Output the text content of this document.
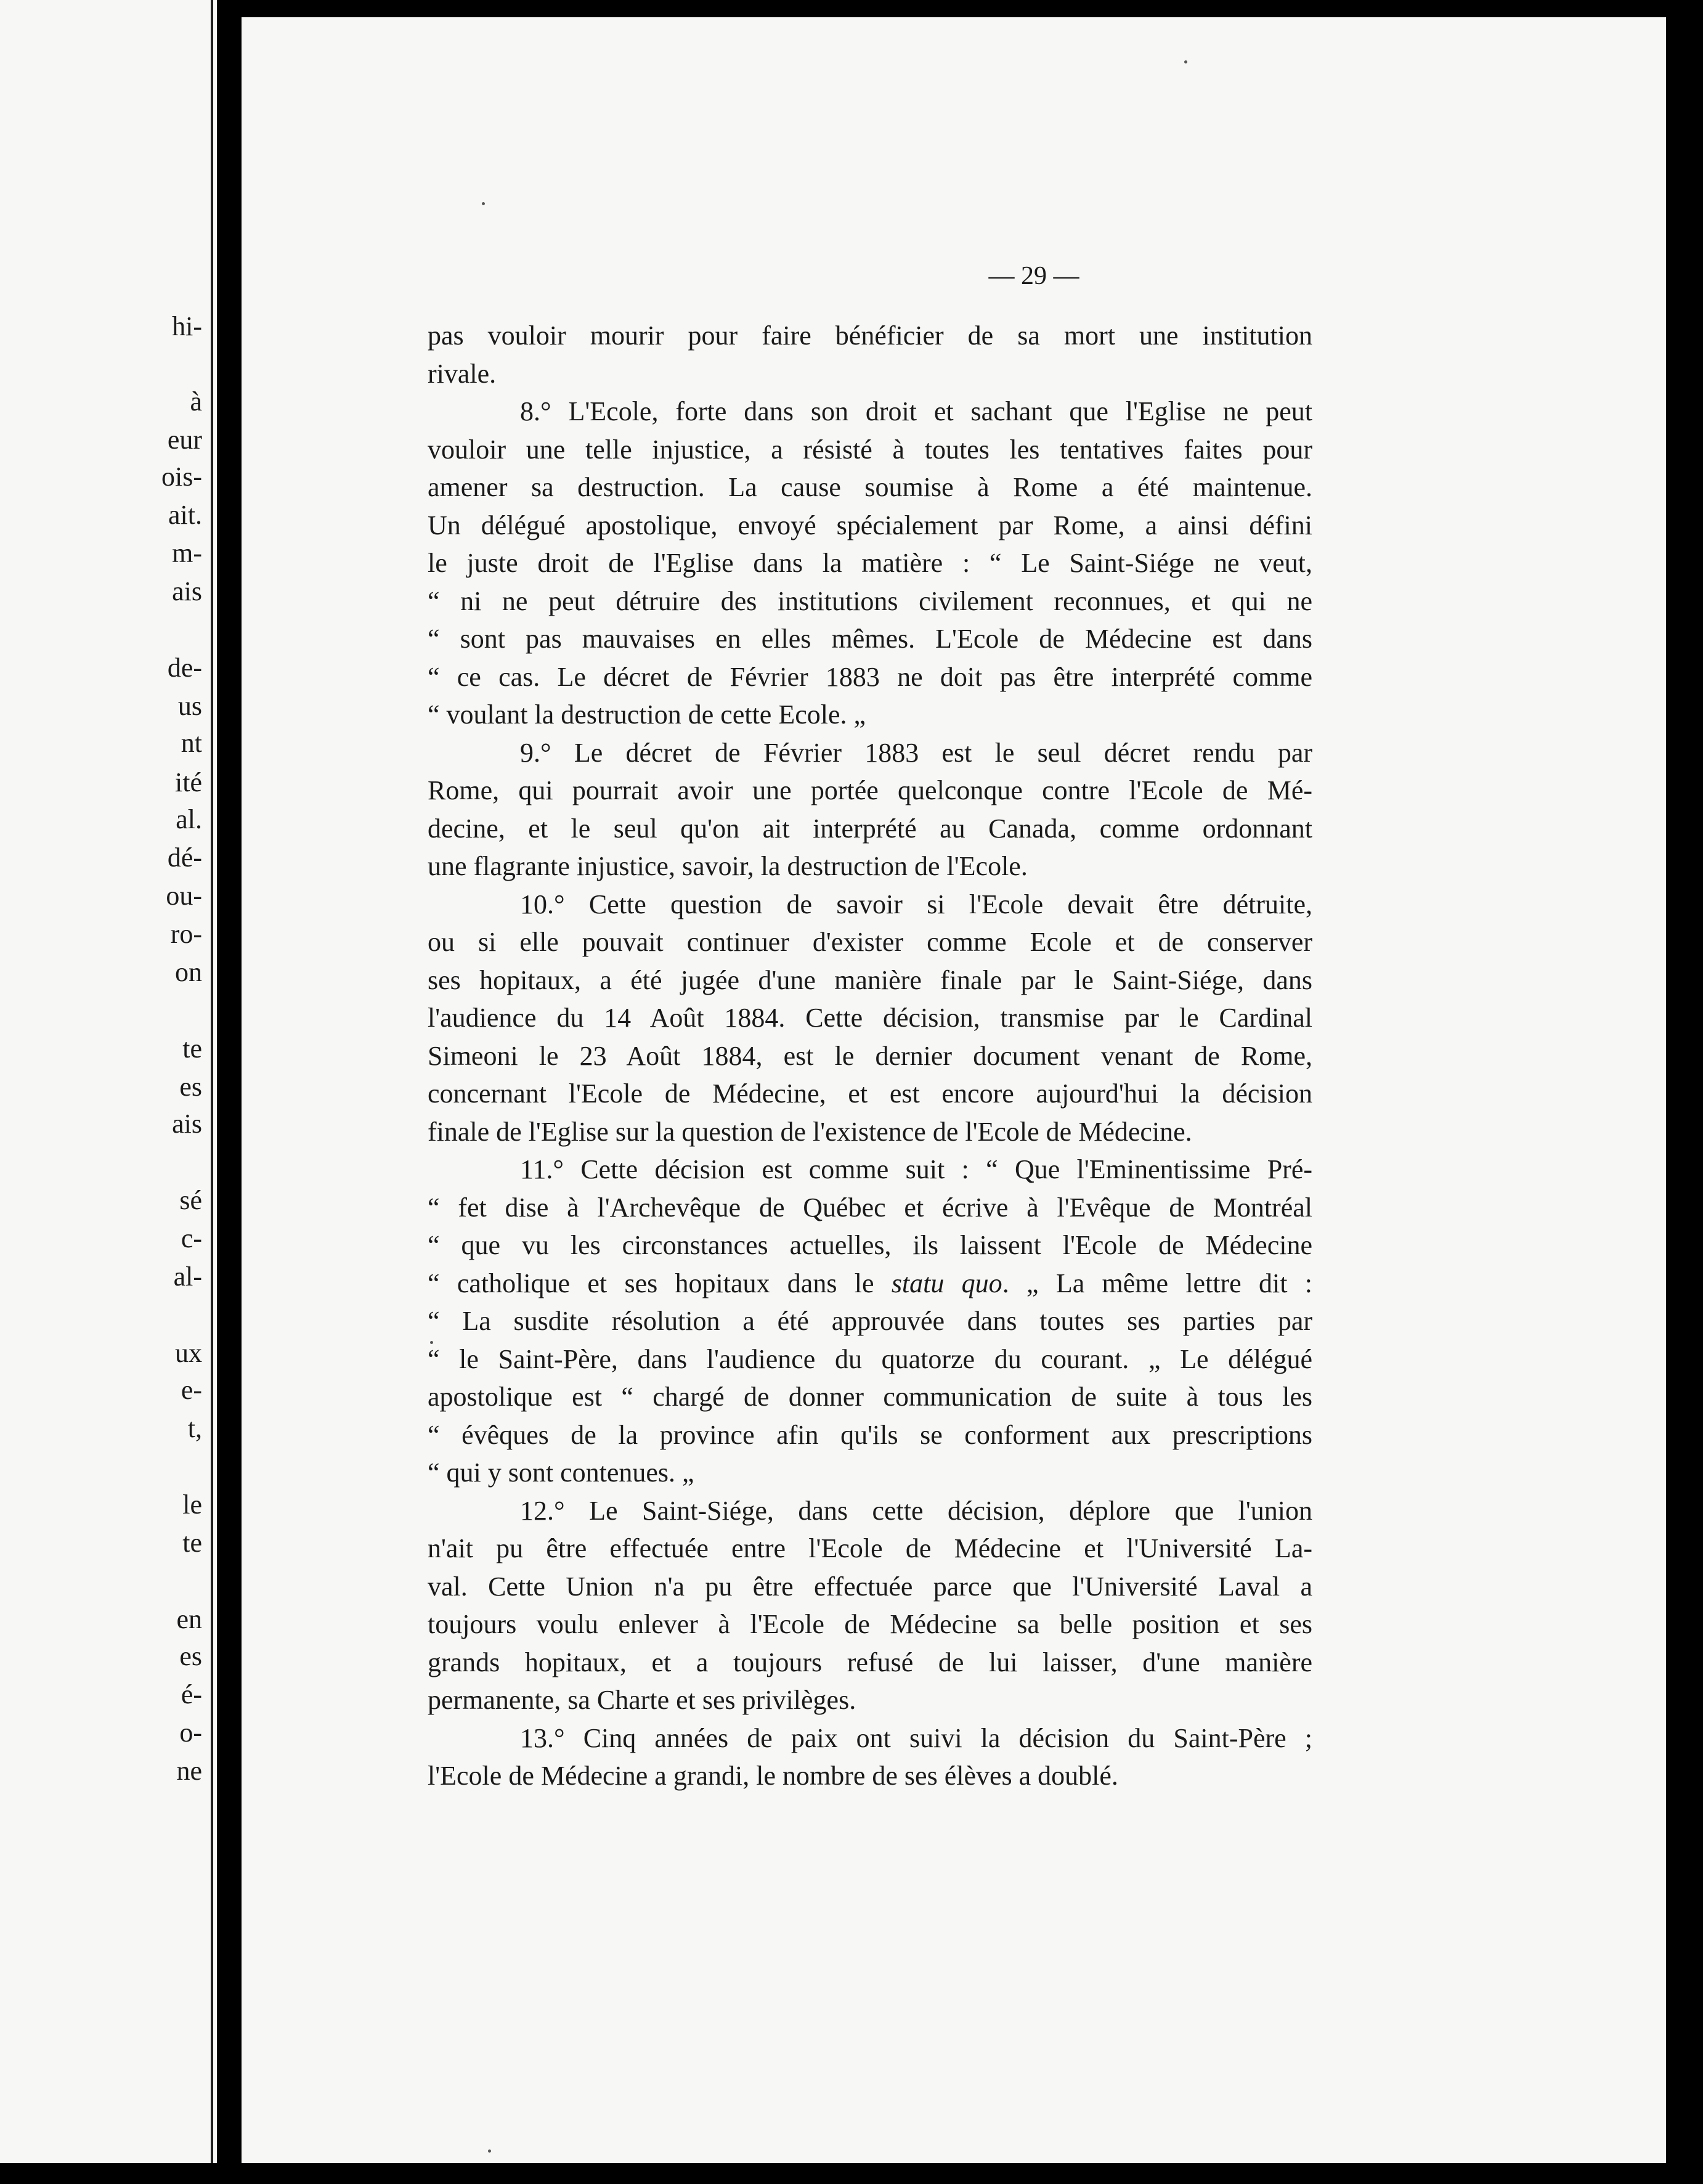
hi-
à
eur
ois-
ait.
m-
ais
de-
us
nt
ité
al.
dé-
ou-
ro-
on
te
es
ais
sé
c-
al-
ux
e-
t,
le
te
en
es
é-
o-
ne
— 29 —
pas vouloir mourir pour faire bénéficier de sa mort une institution
rivale.
8.° L'Ecole, forte dans son droit et sachant que l'Eglise ne peut
vouloir une telle injustice, a résisté à toutes les tentatives faites pour
amener sa destruction. La cause soumise à Rome a été maintenue.
Un délégué apostolique, envoyé spécialement par Rome, a ainsi défini
le juste droit de l'Eglise dans la matière : “ Le Saint-Siége ne veut,
“ ni ne peut détruire des institutions civilement reconnues, et qui ne
“ sont pas mauvaises en elles mêmes. L'Ecole de Médecine est dans
“ ce cas. Le décret de Février 1883 ne doit pas être interprété comme
“ voulant la destruction de cette Ecole. „
9.° Le décret de Février 1883 est le seul décret rendu par
Rome, qui pourrait avoir une portée quelconque contre l'Ecole de Mé-
decine, et le seul qu'on ait interprété au Canada, comme ordonnant
une flagrante injustice, savoir, la destruction de l'Ecole.
10.° Cette question de savoir si l'Ecole devait être détruite,
ou si elle pouvait continuer d'exister comme Ecole et de conserver
ses hopitaux, a été jugée d'une manière finale par le Saint-Siége, dans
l'audience du 14 Août 1884. Cette décision, transmise par le Cardinal
Simeoni le 23 Août 1884, est le dernier document venant de Rome,
concernant l'Ecole de Médecine, et est encore aujourd'hui la décision
finale de l'Eglise sur la question de l'existence de l'Ecole de Médecine.
11.° Cette décision est comme suit : “ Que l'Eminentissime Pré-
“ fet dise à l'Archevêque de Québec et écrive à l'Evêque de Montréal
“ que vu les circonstances actuelles, ils laissent l'Ecole de Médecine
“ catholique et ses hopitaux dans le statu quo. „ La même lettre dit :
“ La susdite résolution a été approuvée dans toutes ses parties par
“ le Saint-Père, dans l'audience du quatorze du courant. „ Le délégué
apostolique est “ chargé de donner communication de suite à tous les
“ évêques de la province afin qu'ils se conforment aux prescriptions
“ qui y sont contenues. „
12.° Le Saint-Siége, dans cette décision, déplore que l'union
n'ait pu être effectuée entre l'Ecole de Médecine et l'Université La-
val. Cette Union n'a pu être effectuée parce que l'Université Laval a
toujours voulu enlever à l'Ecole de Médecine sa belle position et ses
grands hopitaux, et a toujours refusé de lui laisser, d'une manière
permanente, sa Charte et ses privilèges.
13.° Cinq années de paix ont suivi la décision du Saint-Père ;
l'Ecole de Médecine a grandi, le nombre de ses élèves a doublé.
